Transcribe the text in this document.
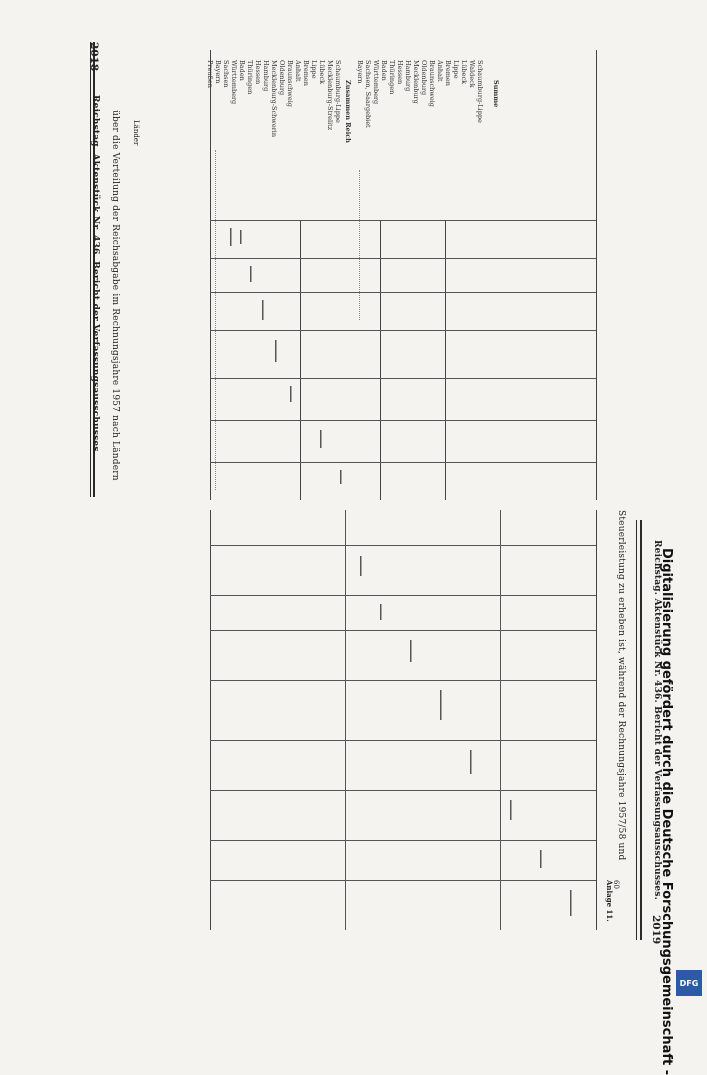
2018
Reichstag. Aktenstück Nr. 436. Bericht der Verfassungsausschusses. über die Verteilung der Reichsabgabe im Rechnungsjahre 1957 nach Ländern Länder
Preußen Bayern Sachsen Württemberg Baden Thüringen Hessen Hamburg Mecklenburg-Schwerin Oldenburg Braunschweig Anhalt Bremen Lippe Lübeck Mecklenburg-Strelitz Schaumburg-Lippe Zusammen Reich
Bayern Sachsen, Saargebiet Württemberg Baden Thüringen Hessen Hamburg Mecklenburg Oldenburg Braunschweig Anhalt Bremen Lippe Lübeck Waldeck Schaumburg-Lippe Summe
2019
Reichstag. Aktenstück Nr. 436. Bericht der Verfassungsausschusses.
Steuerleistung zu erheben ist, während der Rechnungsjahre 1957/58 und
Anlage 11.
60	Digitalisierung gefördert durch die Deutsche Forschungsgemeinschaft - DFG
